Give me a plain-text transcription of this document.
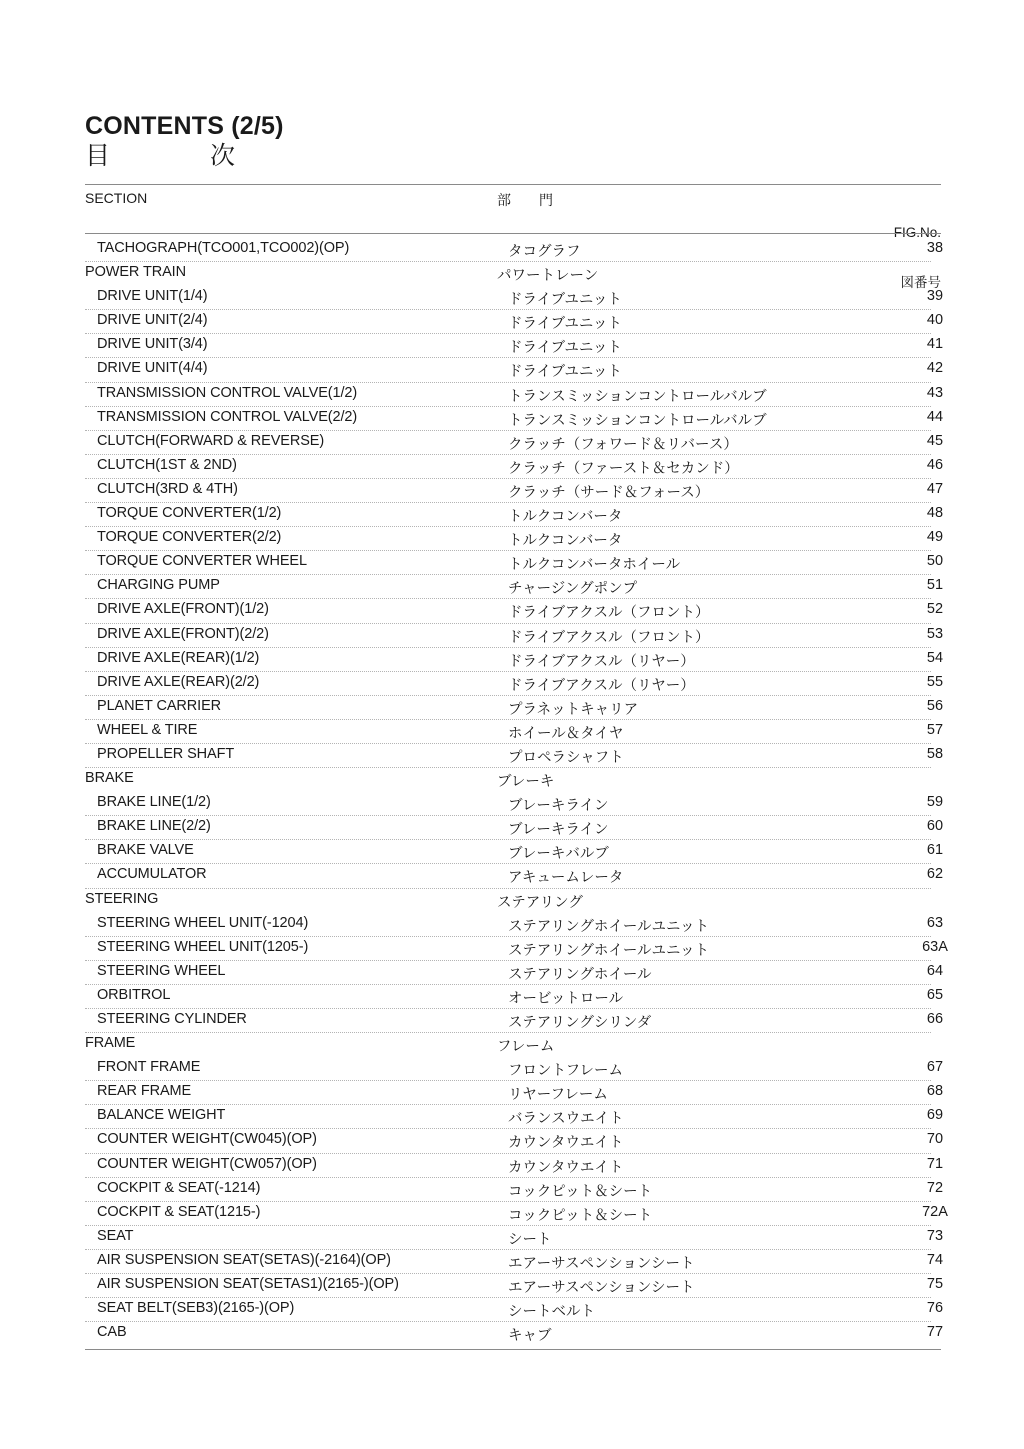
CONTENTS (2/5)
目　　　　次
SECTION	部　　門

FIG.No.

図番号

TACHOGRAPH(TCO001,TCO002)(OP)	タコグラフ	38
POWER TRAIN	パワートレーン
DRIVE UNIT(1/4)	ドライブユニット	39
DRIVE UNIT(2/4)	ドライブユニット	40
DRIVE UNIT(3/4)	ドライブユニット	41
DRIVE UNIT(4/4)	ドライブユニット	42
TRANSMISSION CONTROL VALVE(1/2)	トランスミッションコントロールバルブ	43
TRANSMISSION CONTROL VALVE(2/2)	トランスミッションコントロールバルブ	44
CLUTCH(FORWARD & REVERSE)	クラッチ（フォワード＆リバース）	45
CLUTCH(1ST & 2ND)	クラッチ（ファースト＆セカンド）	46
CLUTCH(3RD & 4TH)	クラッチ（サード＆フォース）	47
TORQUE CONVERTER(1/2)	トルクコンバータ	48
TORQUE CONVERTER(2/2)	トルクコンバータ	49
TORQUE CONVERTER WHEEL	トルクコンバータホイール	50
CHARGING PUMP	チャージングポンプ	51
DRIVE AXLE(FRONT)(1/2)	ドライブアクスル（フロント）	52
DRIVE AXLE(FRONT)(2/2)	ドライブアクスル（フロント）	53
DRIVE AXLE(REAR)(1/2)	ドライブアクスル（リヤー）	54
DRIVE AXLE(REAR)(2/2)	ドライブアクスル（リヤー）	55
PLANET CARRIER	プラネットキャリア	56
WHEEL & TIRE	ホイール＆タイヤ	57
PROPELLER SHAFT	プロペラシャフト	58
BRAKE	ブレーキ
BRAKE LINE(1/2)	ブレーキライン	59
BRAKE LINE(2/2)	ブレーキライン	60
BRAKE VALVE	ブレーキバルブ	61
ACCUMULATOR	アキュームレータ	62
STEERING	ステアリング
STEERING WHEEL UNIT(-1204)	ステアリングホイールユニット	63
STEERING WHEEL UNIT(1205-)	ステアリングホイールユニット	63A
STEERING WHEEL	ステアリングホイール	64
ORBITROL	オービットロール	65
STEERING CYLINDER	ステアリングシリンダ	66
FRAME	フレーム
FRONT FRAME	フロントフレーム	67
REAR FRAME	リヤーフレーム	68
BALANCE WEIGHT	バランスウエイト	69
COUNTER WEIGHT(CW045)(OP)	カウンタウエイト	70
COUNTER WEIGHT(CW057)(OP)	カウンタウエイト	71
COCKPIT & SEAT(-1214)	コックピット＆シート	72
COCKPIT & SEAT(1215-)	コックピット＆シート	72A
SEAT	シート	73
AIR SUSPENSION SEAT(SETAS)(-2164)(OP)	エアーサスペンションシート	74
AIR SUSPENSION SEAT(SETAS1)(2165-)(OP)	エアーサスペンションシート	75
SEAT BELT(SEB3)(2165-)(OP)	シートベルト	76
CAB	キャブ	77
